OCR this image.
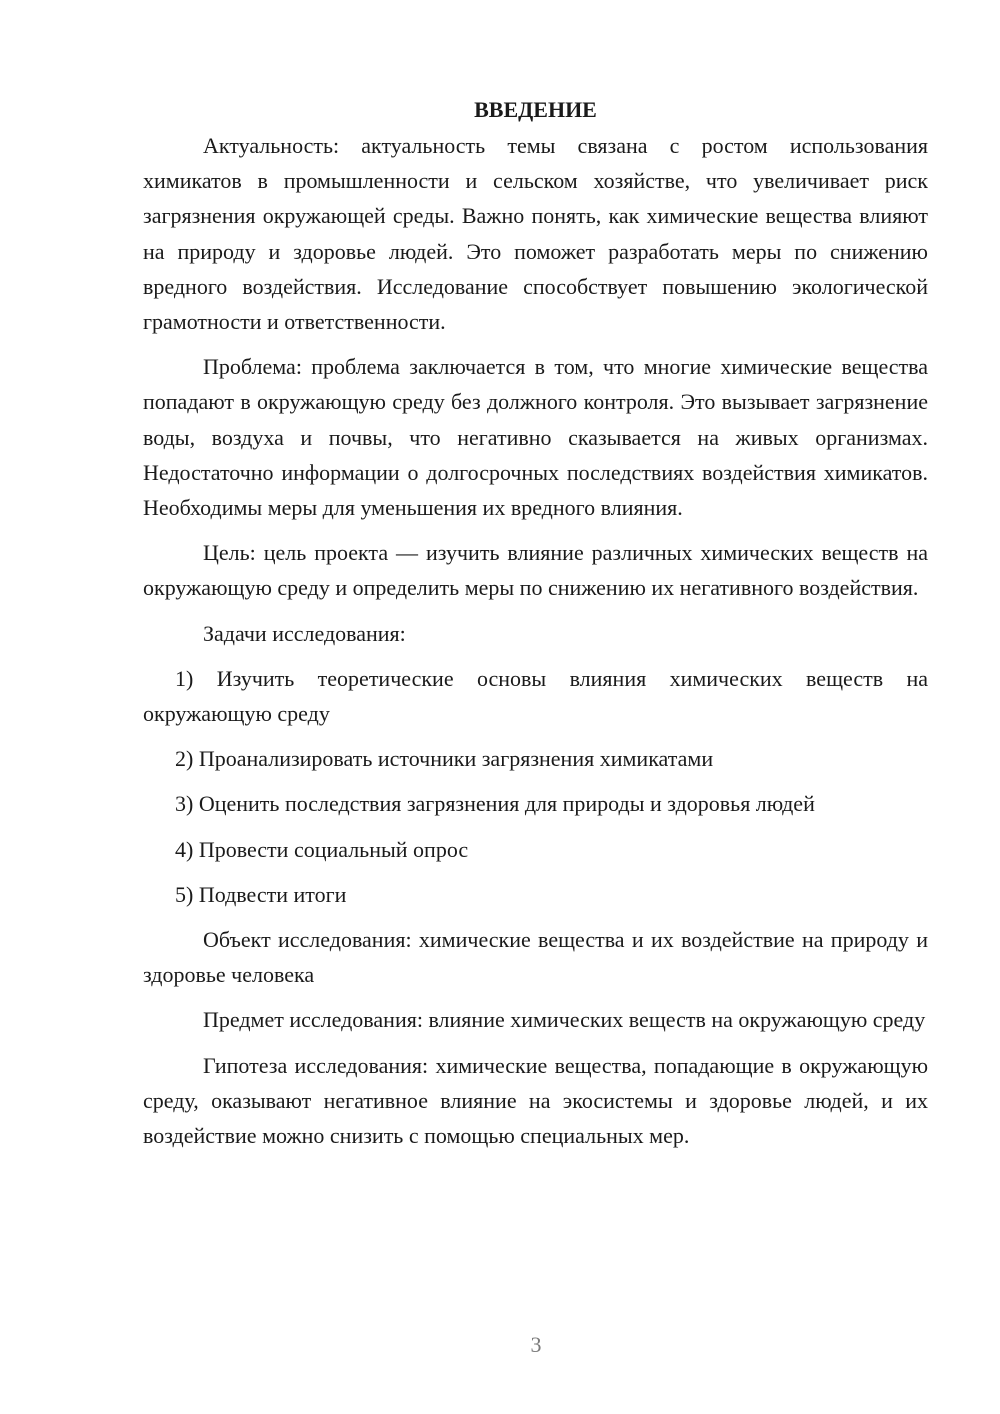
ВВЕДЕНИЕ

Актуальность: актуальность темы связана с ростом использования химикатов в промышленности и сельском хозяйстве, что увеличивает риск загрязнения окружающей среды. Важно понять, как химические вещества влияют на природу и здоровье людей. Это поможет разработать меры по снижению вредного воздействия. Исследование способствует повышению экологической грамотности и ответственности.

Проблема: проблема заключается в том, что многие химические вещества попадают в окружающую среду без должного контроля. Это вызывает загрязнение воды, воздуха и почвы, что негативно сказывается на живых организмах. Недостаточно информации о долгосрочных последствиях воздействия химикатов. Необходимы меры для уменьшения их вредного влияния.

Цель: цель проекта — изучить влияние различных химических веществ на окружающую среду и определить меры по снижению их негативного воздействия.

Задачи исследования:

1) Изучить теоретические основы влияния химических веществ на окружающую среду

2) Проанализировать источники загрязнения химикатами

3) Оценить последствия загрязнения для природы и здоровья людей

4) Провести социальный опрос

5) Подвести итоги

Объект исследования: химические вещества и их воздействие на природу и здоровье человека

Предмет исследования: влияние химических веществ на окружающую среду

Гипотеза исследования: химические вещества, попадающие в окружающую среду, оказывают негативное влияние на экосистемы и здоровье людей, и их воздействие можно снизить с помощью специальных мер.

3
